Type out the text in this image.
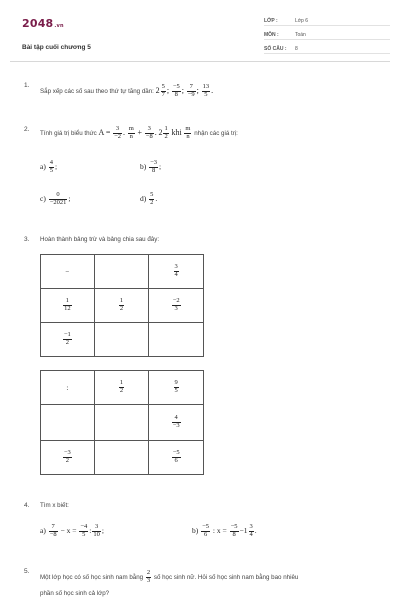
2048.vn
Bài tập cuối chương 5
LỚP :	Lớp 6
MÔN :	Toán
SỐ CÂU : 8
1.
Sắp xếp các số sau theo thứ tự tăng dần: $2 \frac{5}{7}$ ; $\frac{-5}{8}$ ; $\frac{7}{-9}$ ; $\frac{13}{5}$ .
2.
Tính giá trị biểu thức $A = \frac{3}{-2}$ . $\frac{m}{n} + \frac{3}{-8}$ . $2 \frac{1}{2}$ khi $\frac{m}{n}$ nhận các giá trị:
$a) \frac{4}{5}$ ;	$b) \frac{-3}{8}$ ;
$c) \frac{0}{-2021}$ ;	$d) \frac{5}{2}$ .
3. Hoàn thành bảng trừ và bảng chia sau đây:
−		$\frac{3}{4}$

$\frac{1}{12}$	$\frac{1}{2}$	$\frac{-2}{3}$

$\frac{-1}{2}$

:	$\frac{1}{2}$	$\frac{9}{5}$

		$\frac{4}{-3}$

$\frac{-3}{2}$		$\frac{-5}{6}$
4. Tìm x biết:
$a) \frac{7}{-8} - x = \frac{-4}{5}$ : $\frac{3}{10}$ ;	$b) \frac{-5}{6}$ : $x = \frac{-5}{8} -1 \frac{3}{4}$ .
5.
Một lớp học có số học sinh nam bằng $\frac{2}{3}$ số học sinh nữ. Hỏi số học sinh nam bằng bao nhiêu
phần số học sinh cả lớp?
